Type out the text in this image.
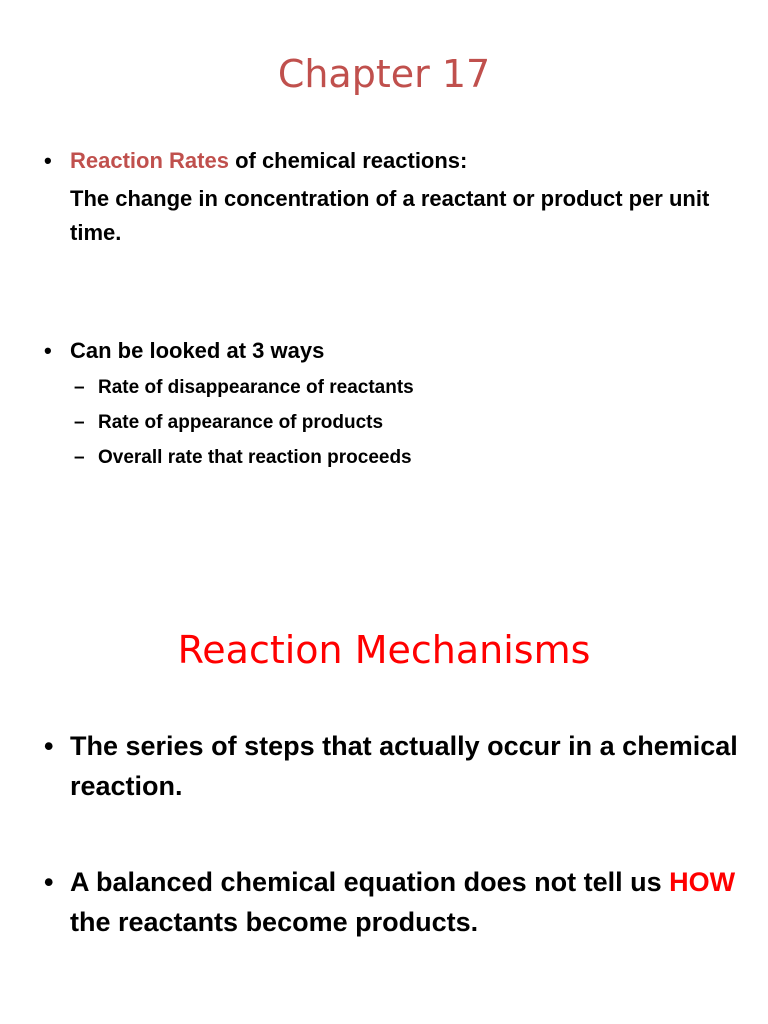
Chapter 17
• Reaction Rates of chemical reactions:
The change in concentration of a reactant or product per unit time.
• Can be looked at 3 ways
– Rate of disappearance of reactants
– Rate of appearance of products
– Overall rate that reaction proceeds
Reaction Mechanisms
• The series of steps that actually occur in a chemical reaction.
• A balanced chemical equation does not tell us HOW the reactants become products.
